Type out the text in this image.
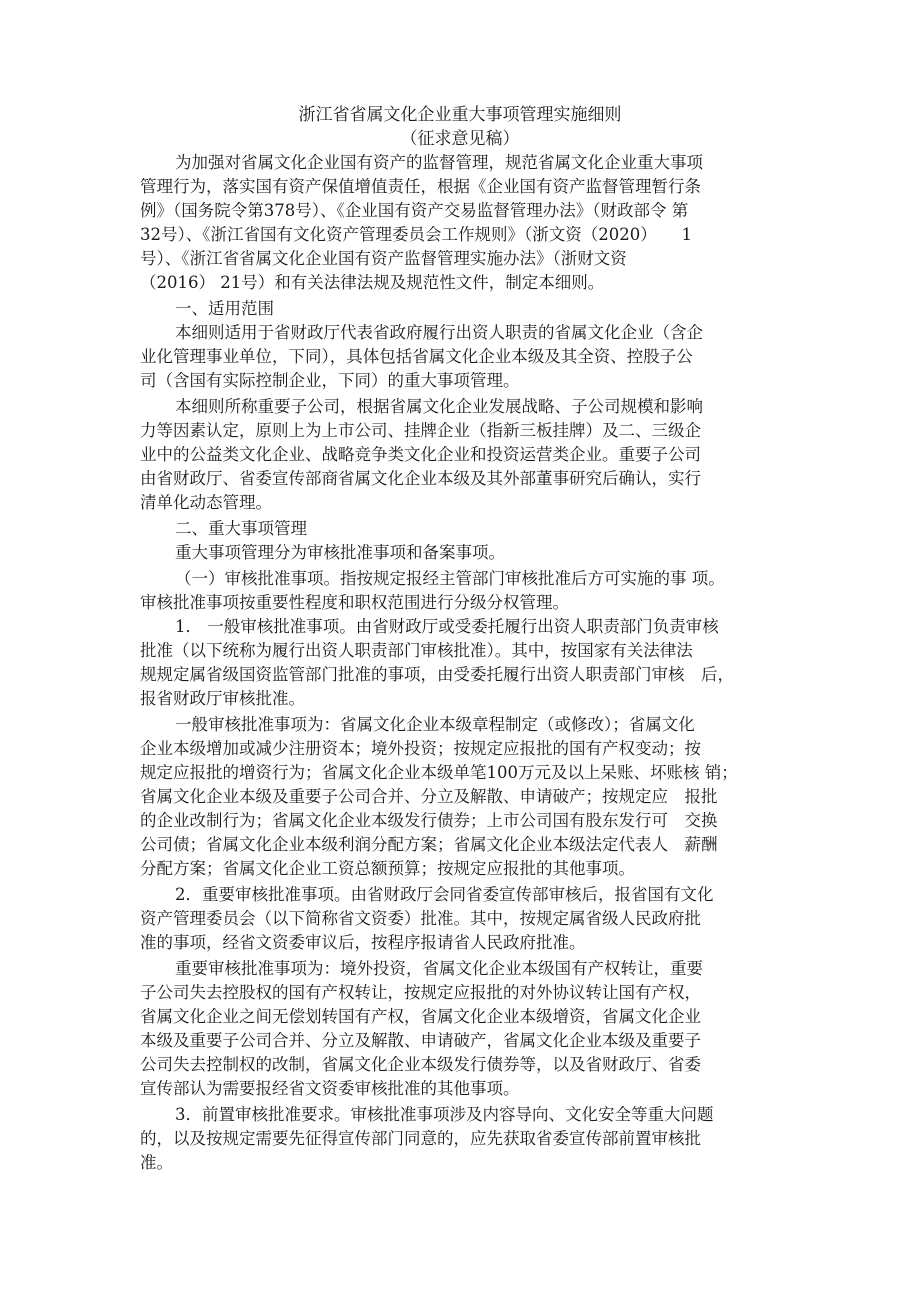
浙江省省属文化企业重大事项管理实施细则
（征求意见稿）
为加强对省属文化企业国有资产的监督管理，规范省属文化企业重大事项
管理行为，落实国有资产保值增值责任，根据《企业国有资产监督管理暂行条
例》（国务院令第378号）、《企业国有资产交易监督管理办法》（财政部令 第
32号）、《浙江省国有文化资产管理委员会工作规则》（浙文资（2020）　　1
号）、《浙江省省属文化企业国有资产监督管理实施办法》（浙财文资
（2016） 21号）和有关法律法规及规范性文件，制定本细则。
一、适用范围
本细则适用于省财政厅代表省政府履行出资人职责的省属文化企业（含企
业化管理事业单位，下同），具体包括省属文化企业本级及其全资、控股子公
司（含国有实际控制企业，下同）的重大事项管理。
本细则所称重要子公司，根据省属文化企业发展战略、子公司规模和影响
力等因素认定，原则上为上市公司、挂牌企业（指新三板挂牌）及二、三级企
业中的公益类文化企业、战略竞争类文化企业和投资运营类企业。重要子公司
由省财政厅、省委宣传部商省属文化企业本级及其外部董事研究后确认，实行
清单化动态管理。
二、重大事项管理
重大事项管理分为审核批准事项和备案事项。
（一）审核批准事项。指按规定报经主管部门审核批准后方可实施的事 项。
审核批准事项按重要性程度和职权范围进行分级分权管理。
1． 一般审核批准事项。由省财政厅或受委托履行出资人职责部门负责审核
批准（以下统称为履行出资人职责部门审核批准）。其中，按国家有关法律法
规规定属省级国资监管部门批准的事项，由受委托履行出资人职责部门审核　后，
报省财政厅审核批准。
一般审核批准事项为：省属文化企业本级章程制定（或修改）；省属文化
企业本级增加或减少注册资本；境外投资；按规定应报批的国有产权变动；按
规定应报批的增资行为；省属文化企业本级单笔100万元及以上呆账、坏账核 销；
省属文化企业本级及重要子公司合并、分立及解散、申请破产；按规定应　报批
的企业改制行为；省属文化企业本级发行债券；上市公司国有股东发行可　交换
公司债；省属文化企业本级利润分配方案；省属文化企业本级法定代表人　薪酬
分配方案；省属文化企业工资总额预算；按规定应报批的其他事项。
2．重要审核批准事项。由省财政厅会同省委宣传部审核后，报省国有文化
资产管理委员会（以下简称省文资委）批准。其中，按规定属省级人民政府批
准的事项，经省文资委审议后，按程序报请省人民政府批准。
重要审核批准事项为：境外投资，省属文化企业本级国有产权转让，重要
子公司失去控股权的国有产权转让，按规定应报批的对外协议转让国有产权，
省属文化企业之间无偿划转国有产权，省属文化企业本级增资，省属文化企业
本级及重要子公司合并、分立及解散、申请破产，省属文化企业本级及重要子
公司失去控制权的改制，省属文化企业本级发行债券等，以及省财政厅、省委
宣传部认为需要报经省文资委审核批准的其他事项。
3．前置审核批准要求。审核批准事项涉及内容导向、文化安全等重大问题
的，以及按规定需要先征得宣传部门同意的，应先获取省委宣传部前置审核批
准。
